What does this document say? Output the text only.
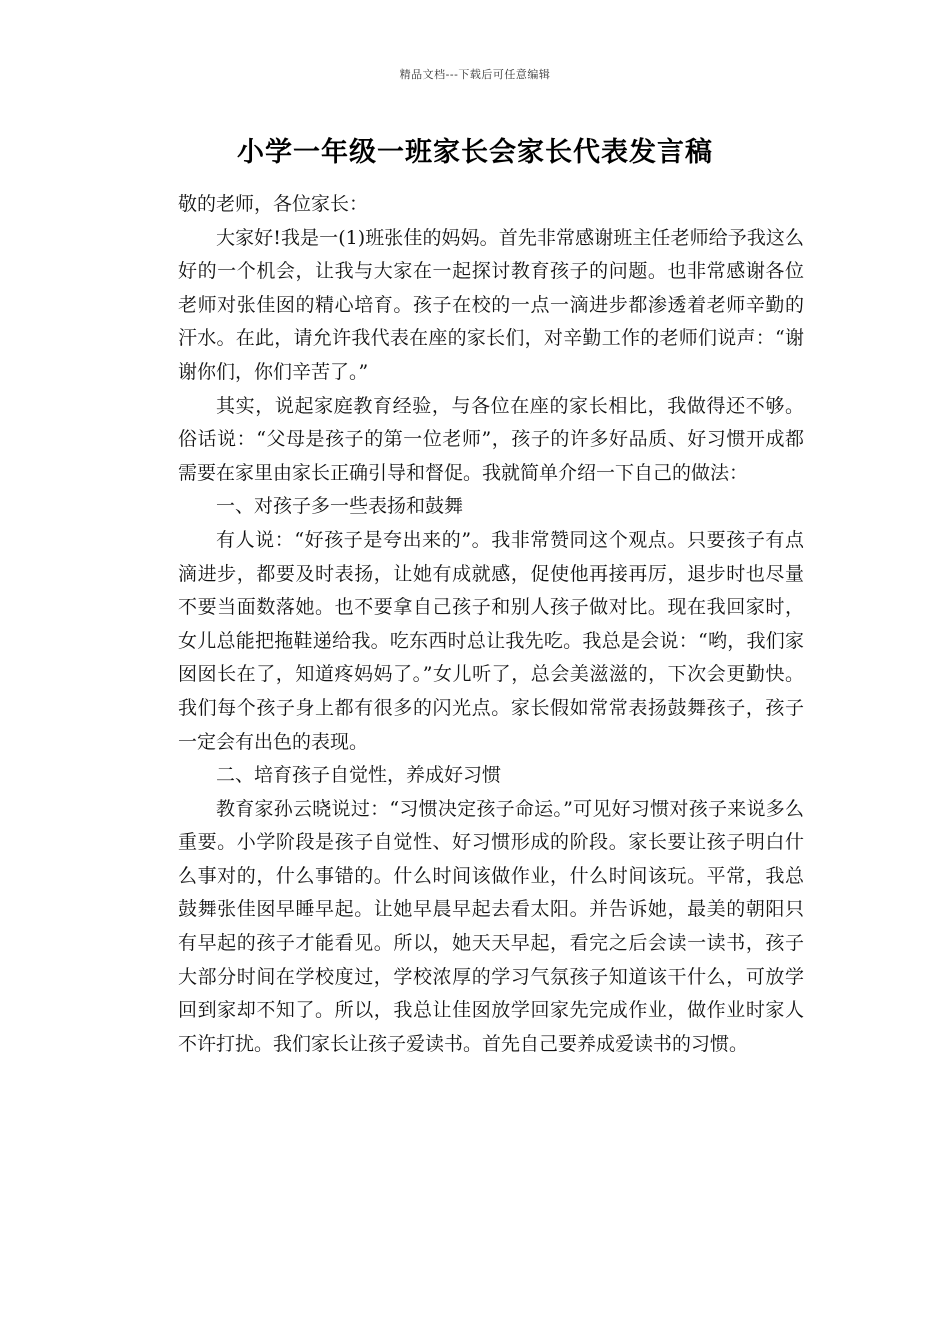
精品文档---下载后可任意编辑
小学一年级一班家长会家长代表发言稿

敬的老师，各位家长：

大家好!我是一(1)班张佳的妈妈。首先非常感谢班主任老师给予我这么好的一个机会，让我与大家在一起探讨教育孩子的问题。也非常感谢各位老师对张佳囡的精心培育。孩子在校的一点一滴进步都渗透着老师辛勤的汗水。在此，请允许我代表在座的家长们，对辛勤工作的老师们说声：“谢谢你们，你们辛苦了。”

其实，说起家庭教育经验，与各位在座的家长相比，我做得还不够。俗话说：“父母是孩子的第一位老师”，孩子的许多好品质、好习惯开成都需要在家里由家长正确引导和督促。我就简单介绍一下自己的做法：

一、对孩子多一些表扬和鼓舞

有人说：“好孩子是夸出来的”。我非常赞同这个观点。只要孩子有点滴进步，都要及时表扬，让她有成就感，促使他再接再厉，退步时也尽量不要当面数落她。也不要拿自己孩子和别人孩子做对比。现在我回家时，女儿总能把拖鞋递给我。吃东西时总让我先吃。我总是会说：“哟，我们家囡囡长在了，知道疼妈妈了。”女儿听了，总会美滋滋的，下次会更勤快。我们每个孩子身上都有很多的闪光点。家长假如常常表扬鼓舞孩子，孩子一定会有出色的表现。

二、培育孩子自觉性，养成好习惯

教育家孙云晓说过：“习惯决定孩子命运。”可见好习惯对孩子来说多么重要。小学阶段是孩子自觉性、好习惯形成的阶段。家长要让孩子明白什么事对的，什么事错的。什么时间该做作业，什么时间该玩。平常，我总鼓舞张佳囡早睡早起。让她早晨早起去看太阳。并告诉她，最美的朝阳只有早起的孩子才能看见。所以，她天天早起，看完之后会读一读书，孩子大部分时间在学校度过，学校浓厚的学习气氛孩子知道该干什么，可放学回到家却不知了。所以，我总让佳囡放学回家先完成作业，做作业时家人不许打扰。我们家长让孩子爱读书。首先自己要养成爱读书的习惯。
